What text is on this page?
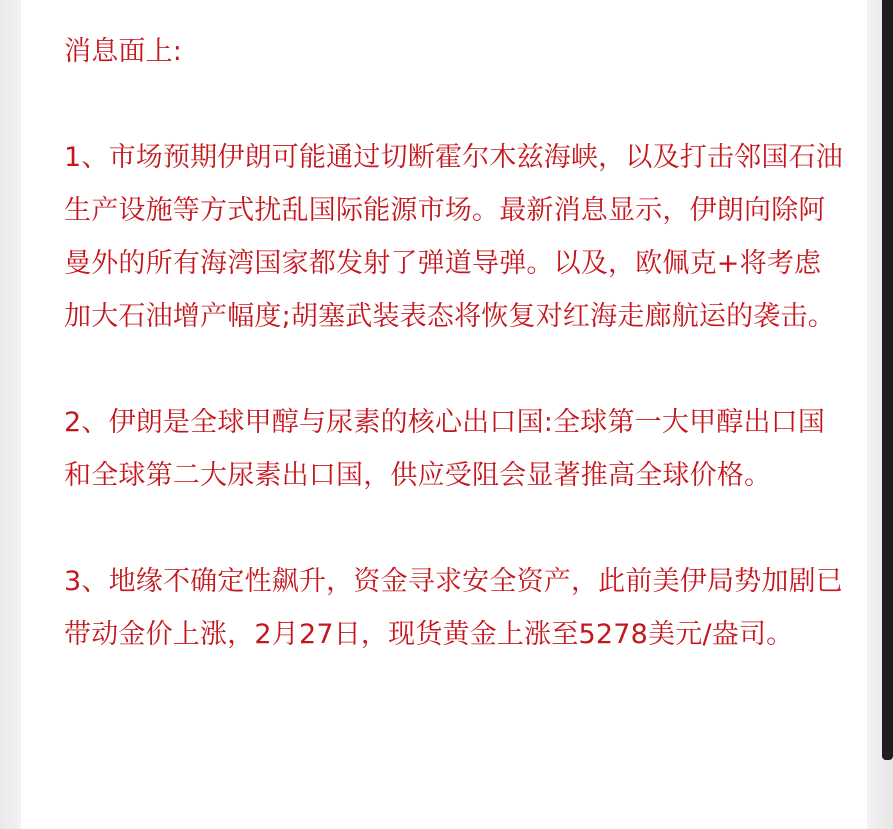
消息面上:
1、市场预期伊朗可能通过切断霍尔木兹海峡，以及打击邻国石油生产设施等方式扰乱国际能源市场。最新消息显示，伊朗向除阿曼外的所有海湾国家都发射了弹道导弹。以及，欧佩克+将考虑加大石油增产幅度;胡塞武装表态将恢复对红海走廊航运的袭击。
2、伊朗是全球甲醇与尿素的核心出口国:全球第一大甲醇出口国和全球第二大尿素出口国，供应受阻会显著推高全球价格。
3、地缘不确定性飙升，资金寻求安全资产，此前美伊局势加剧已带动金价上涨，2月27日，现货黄金上涨至5278美元/盎司。
